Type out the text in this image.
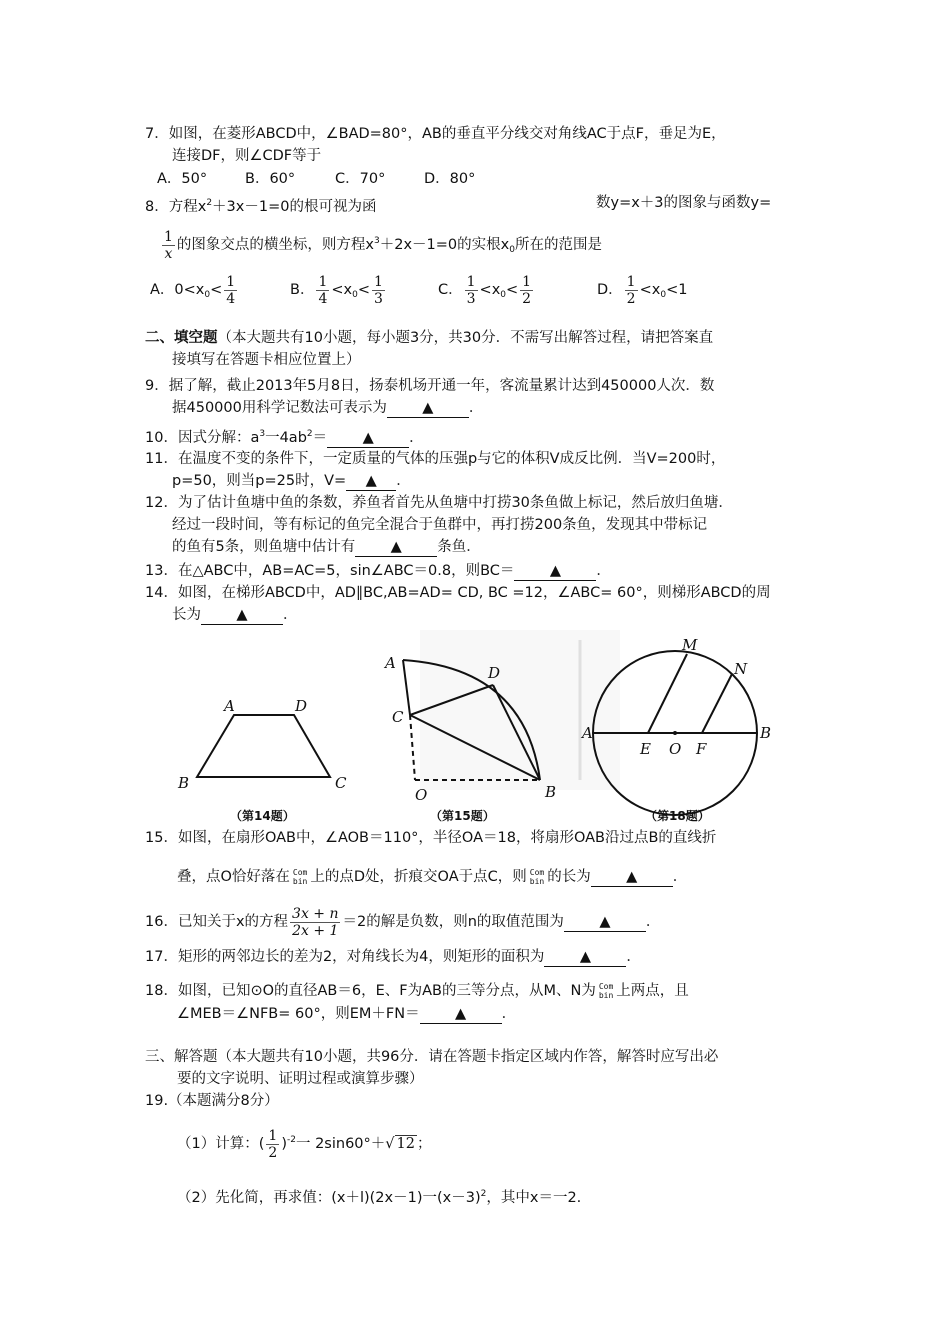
7．如图，在菱形ABCD中，∠BAD=80°，AB的垂直平分线交对角线AC于点F，垂足为E，
连接DF，则∠CDF等于
A．50°	B．60°	C．70°	D．80°
8．方程$x^2+3x-1=0$的根可视为函	数y=x＋3的图象与函数y=
$\frac{1}{x}$ 的图象交点的横坐标，则方程$x^3+2x-1=0$的实根$x_0$所在的范围是
A．$0<x_0< \frac{1}{4}$	B． $\frac{1}{4} <x_0< \frac{1}{3}$	C． $\frac{1}{3} <x_0< \frac{1}{2}$	D． $\frac{1}{2} <x_0<1$
二、填空题（本大题共有10小题，每小题3分，共30分．不需写出解答过程，请把答案直
接填写在答题卡相应位置上）
9．据了解，截止2013年5月8日，扬泰机场开通一年，客流量累计达到450000人次．数
据450000用科学记数法可表示为 ▲ ．
10．因式分解：$a^3$一$4ab^2=$ ▲ ．
11．在温度不变的条件下，一定质量的气体的压强p与它的体积V成反比例．当V=200时，
p=50，则当p=25时，V= ▲ ．
12．为了估计鱼塘中鱼的条数，养鱼者首先从鱼塘中打捞30条鱼做上标记，然后放归鱼塘．
经过一段时间，等有标记的鱼完全混合于鱼群中，再打捞200条鱼，发现其中带标记
的鱼有5条，则鱼塘中估计有 ▲ 条鱼．
13．在△ABC中，AB=AC=5，sin∠ABC＝0.8，则BC＝ ▲ ．
14．如图，在梯形ABCD中，AD∥BC,AB=AD= CD, BC =12，∠ABC= 60°，则梯形ABCD的周
长为 ▲ ．
A	D
B	C
（第14题）
A
D
C
O	B
（第15题）
M
N
A
E O F
B
（第18题）
15．如图，在扇形OAB中，∠AOB＝110°，半径OA＝18，将扇形OAB沿过点B的直线折
叠，点O恰好落在 Com
bin 上的点D处，折痕交OA于点C，则 Com
bin 的长为 ▲ ．
16．已知关于x的方程 $\frac{3x + n}{2x + 1} =2$的解是负数，则n的取值范围为 ▲ ．
17．矩形的两邻边长的差为2，对角线长为4，则矩形的面积为 ▲ ．
18．如图，已知⊙O的直径AB＝6，E、F为AB的三等分点，从M、N为 Com
bin 上两点，且
∠MEB＝∠NFB= 60°，则EM＋FN＝ ▲ ．
三、解答题（本大题共有10小题，共96分．请在答题卡指定区域内作答，解答时应写出必
要的文字说明、证明过程或演算步骤）
19.（本题满分8分）
（1）计算：( $\frac{1}{2} )^{-2}$一 2sin60°＋√ 12 ；
（2）先化简，再求值：(x＋l)(2x－1)一$(x-3)^2$，其中x＝一2.
